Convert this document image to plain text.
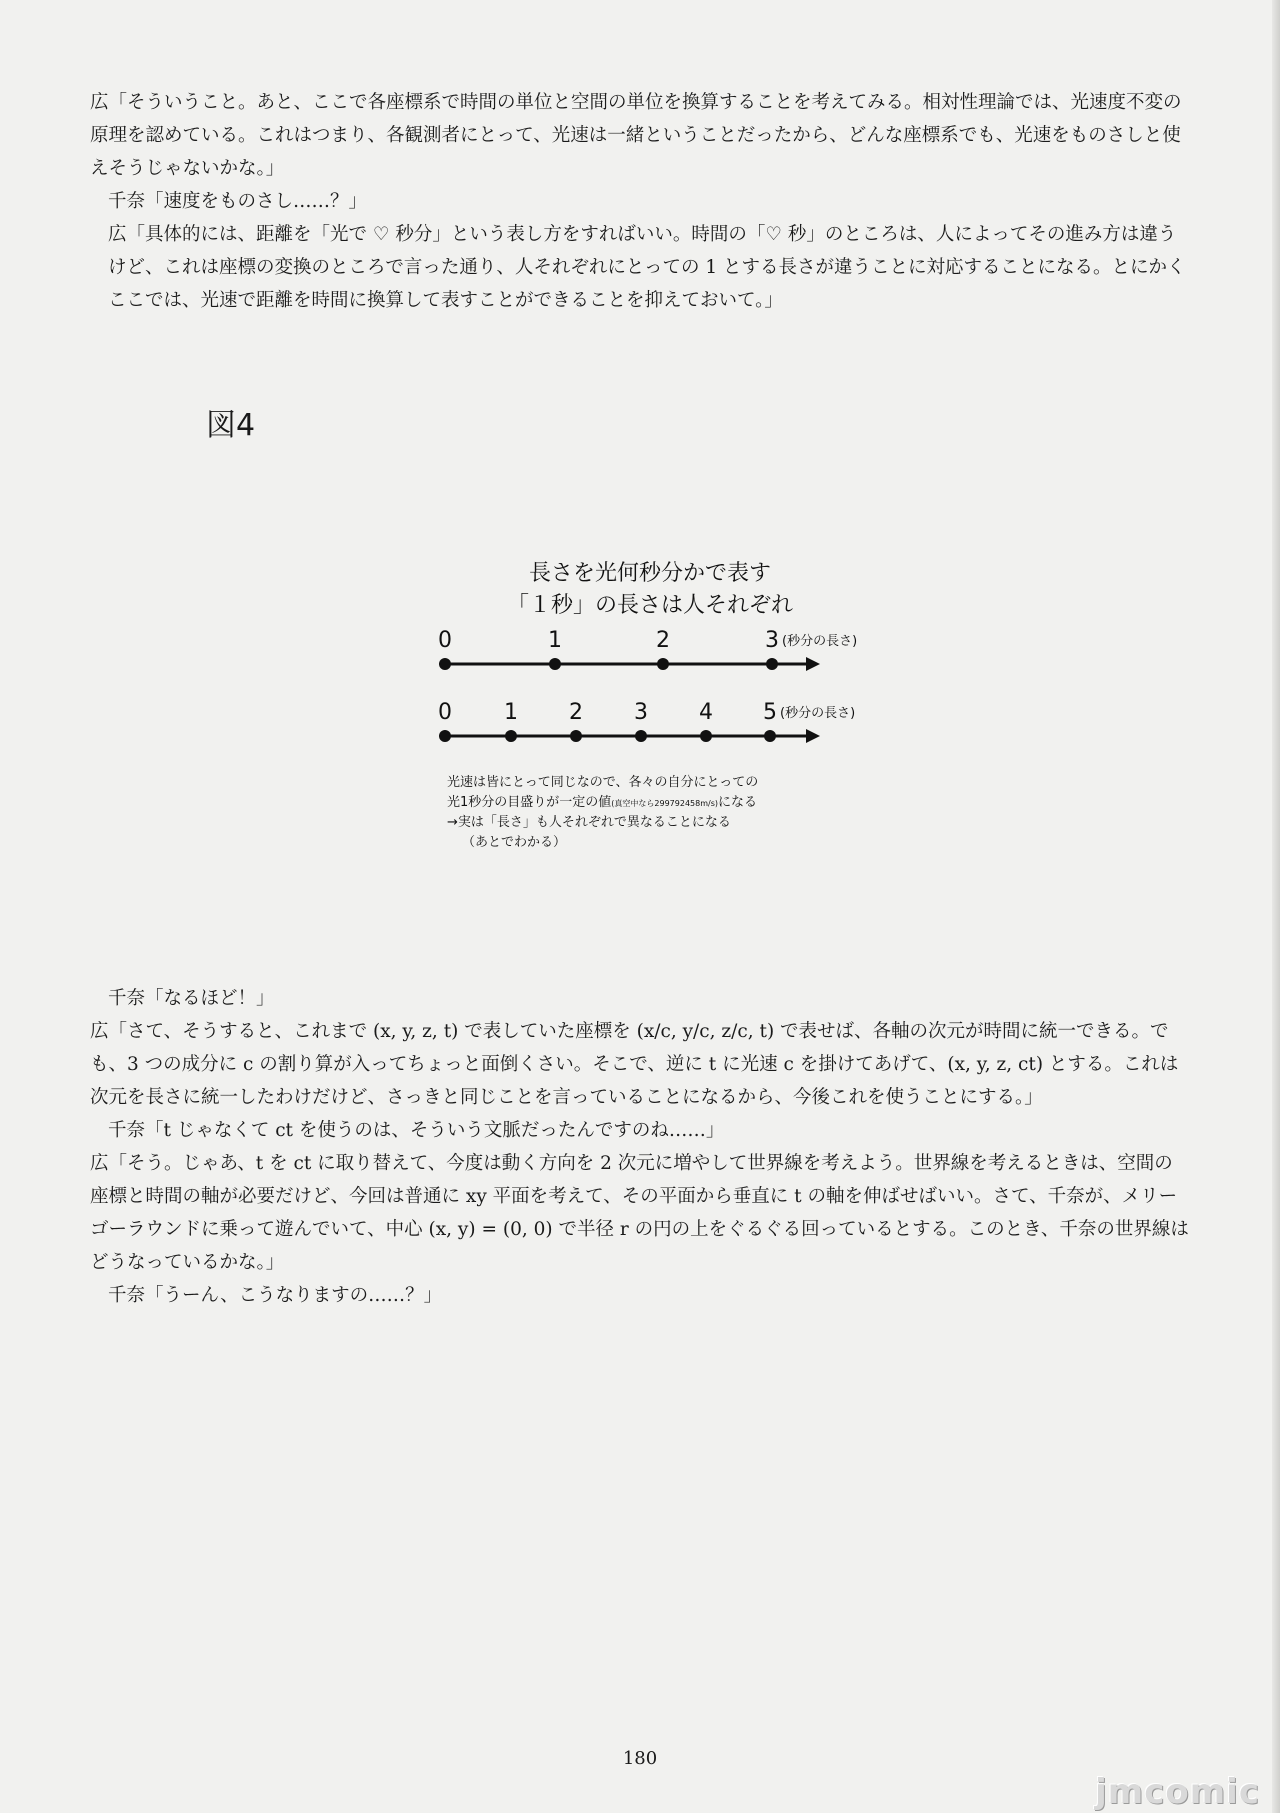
広「そういうこと。あと、ここで各座標系で時間の単位と空間の単位を換算することを考えてみる。相対性理論では、光速度不変の原理を認めている。これはつまり、各観測者にとって、光速は一緒ということだったから、どんな座標系でも、光速をものさしと使えそうじゃないかな。」

千奈「速度をものさし……？」

広「具体的には、距離を「光で ♡ 秒分」という表し方をすればいい。時間の「♡ 秒」のところは、人によってその進み方は違うけど、これは座標の変換のところで言った通り、人それぞれにとっての 1 とする長さが違うことに対応することになる。とにかくここでは、光速で距離を時間に換算して表すことができることを抑えておいて。」

図4
長さを光何秒分かで表す
「１秒」の長さは人それぞれ
0	1	2	3 (秒分の長さ)
0 1 2 3 4 5 (秒分の長さ)
光速は皆にとって同じなので、各々の自分にとっての
光1秒分の目盛りが一定の値(真空中なら299792458m/s)になる
→実は「長さ」も人それぞれで異なることになる
（あとでわかる）

千奈「なるほど！」

広「さて、そうすると、これまで (x, y, z, t) で表していた座標を (x/c, y/c, z/c, t) で表せば、各軸の次元が時間に統一できる。でも、3 つの成分に c の割り算が入ってちょっと面倒くさい。そこで、逆に t に光速 c を掛けてあげて、(x, y, z, ct) とする。これは次元を長さに統一したわけだけど、さっきと同じことを言っていることになるから、今後これを使うことにする。」

千奈「t じゃなくて ct を使うのは、そういう文脈だったんですのね……」

広「そう。じゃあ、t を ct に取り替えて、今度は動く方向を 2 次元に増やして世界線を考えよう。世界線を考えるときは、空間の座標と時間の軸が必要だけど、今回は普通に xy 平面を考えて、その平面から垂直に t の軸を伸ばせばいい。さて、千奈が、メリーゴーラウンドに乗って遊んでいて、中心 (x, y) = (0, 0) で半径 r の円の上をぐるぐる回っているとする。このとき、千奈の世界線はどうなっているかな。」

千奈「うーん、こうなりますの……？」

180
jmcomic
